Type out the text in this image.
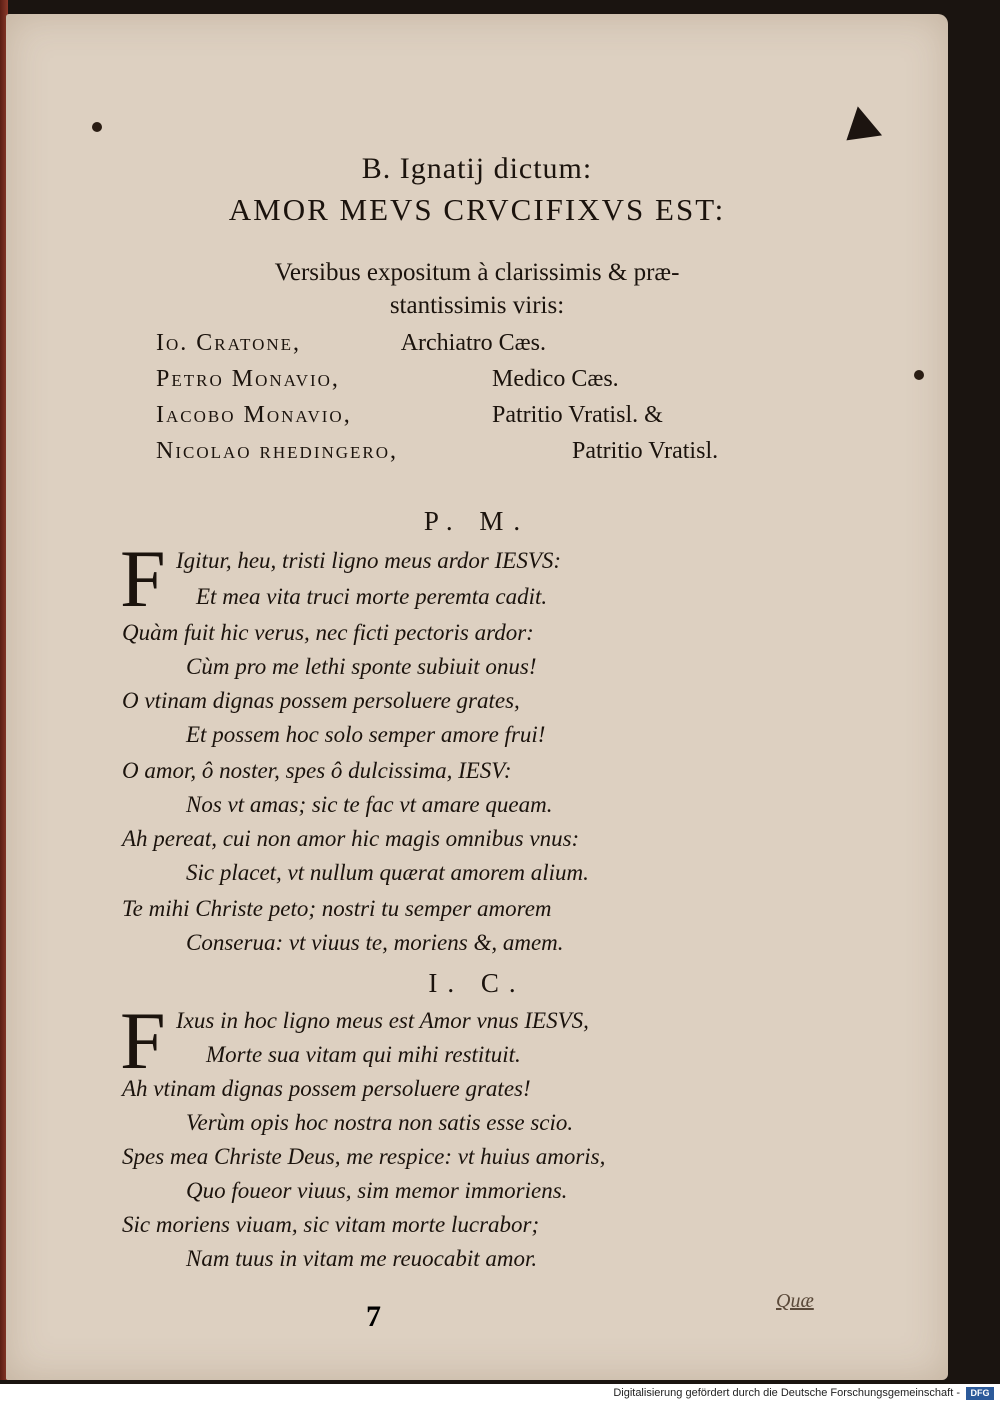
B. Ignatij dictum:
AMOR MEVS CRVCIFIXVS EST:
Versibus expositum à clarissimis & præ-
stantissimis viris:
Io. Cratone,	Archiatro Cæs.
Petro Monavio,	Medico Cæs.
Iacobo Monavio,	Patritio Vratisl. &
Nicolao rhedingero,	Patritio Vratisl.
P. M.
F Igitur, heu, tristi ligno meus ardor IESVS:
Et mea vita truci morte peremta cadit.
Quàm fuit hic verus, nec ficti pectoris ardor:
Cùm pro me lethi sponte subiuit onus!
O vtinam dignas possem persoluere grates,
Et possem hoc solo semper amore frui!
O amor, ô noster, spes ô dulcissima, IESV:
Nos vt amas; sic te fac vt amare queam.
Ah pereat, cui non amor hic magis omnibus vnus:
Sic placet, vt nullum quærat amorem alium.
Te mihi Christe peto; nostri tu semper amorem
Conserua: vt viuus te, moriens &, amem.
I. C.
F Ixus in hoc ligno meus est Amor vnus IESVS,
Morte sua vitam qui mihi restituit.
Ah vtinam dignas possem persoluere grates!
Verùm opis hoc nostra non satis esse scio.
Spes mea Christe Deus, me respice: vt huius amoris,
Quo foueor viuus, sim memor immoriens.
Sic moriens viuam, sic vitam morte lucrabor;
Nam tuus in vitam me reuocabit amor.
7	Quæ
Digitalisierung gefördert durch die Deutsche Forschungsgemeinschaft -	DFG
